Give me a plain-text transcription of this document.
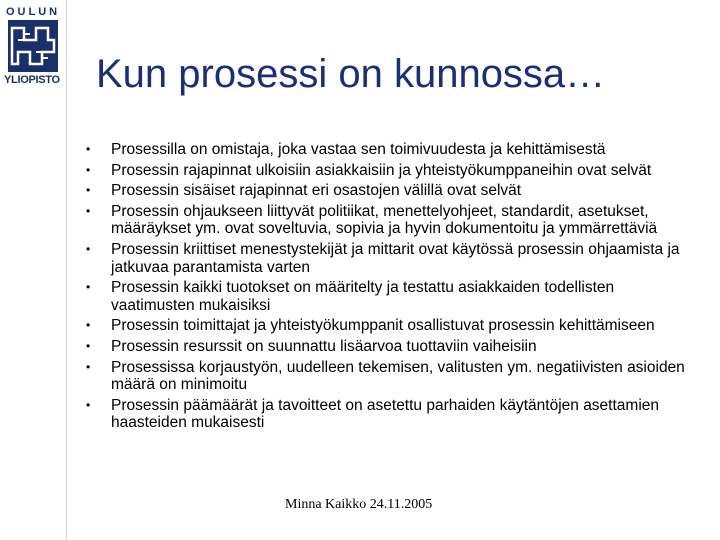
OULUN
YLIOPISTO Kun prosessi on kunnossa…
• Prosessilla on omistaja, joka vastaa sen toimivuudesta ja kehittämisestä
• Prosessin rajapinnat ulkoisiin asiakkaisiin ja yhteistyökumppaneihin ovat selvät
• Prosessin sisäiset rajapinnat eri osastojen välillä ovat selvät
• Prosessin ohjaukseen liittyvät politiikat, menettelyohjeet, standardit, asetukset, määräykset ym. ovat soveltuvia, sopivia ja hyvin dokumentoitu ja ymmärrettäviä
• Prosessin kriittiset menestystekijät ja mittarit ovat käytössä prosessin ohjaamista ja jatkuvaa parantamista varten
• Prosessin kaikki tuotokset on määritelty ja testattu asiakkaiden todellisten vaatimusten mukaisiksi
• Prosessin toimittajat ja yhteistyökumppanit osallistuvat prosessin kehittämiseen
• Prosessin resurssit on suunnattu lisäarvoa tuottaviin vaiheisiin
• Prosessissa korjaustyön, uudelleen tekemisen, valitusten ym. negatiivisten asioiden määrä on minimoitu
• Prosessin päämäärät ja tavoitteet on asetettu parhaiden käytäntöjen asettamien haasteiden mukaisesti
Minna Kaikko 24.11.2005
